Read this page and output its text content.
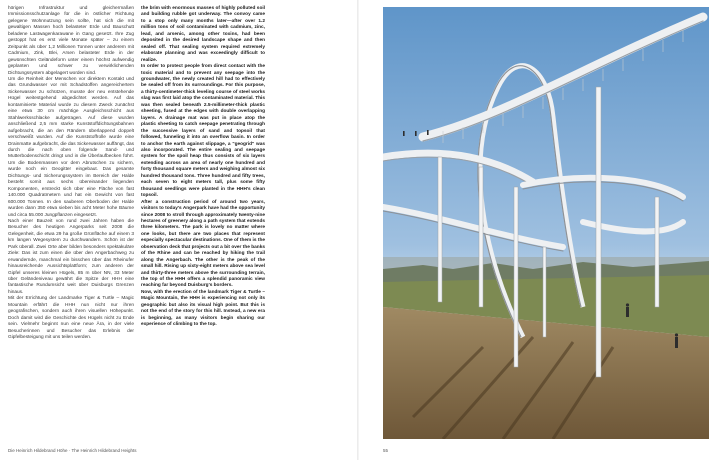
hörigen Infrastruktur und gleichermaßen Immissionsschutzanlage für die in östlicher Richtung gelegene Wohnnutzung sein sollte, hat sich die mit gewaltigen Massen hoch belasteter Erde und Bauschutt beladene Lastwagenkarawane in Gang gesetzt. Ihre Zug gestoppt hat es erst viele Monate später – zu einem Zeitpunkt als über 1,2 Millionen Tonnen unter anderem mit Cadmium, Zink, Blei, Arsen belasteter Erde in der gewünschten Geländeform unter einem höchst aufwendig geplanten und schwer zu verwirklichenden Dichtungssystem abgelagert worden sind.
Um die Reinheit der Menschen vor direktem Kontakt und das Grundwasser vor mit Schadstoffen angereichertem Sickerwasser zu schützen, musste der neu entstehende Hügel weitestgehend abgedichtet werden. Auf das kontaminierte Material wurde zu diesem Zweck zunächst eine etwa 30 cm mächtige Ausgleichsschicht aus Stahlwerksschlacke aufgetragen. Auf diese wurden anschließend 2,5 mm starke Kunststoffdichtungsbahnen aufgebracht, die an den Rändern überlappend doppelt verschweißt wurden. Auf die Kunststoffrolle wurde eine Drainmatte aufgebracht, die das Sickerwasser auffängt, das durch die nach oben folgende Sand- und Mutterbodenschicht dringt und in die Überlaufbecken führt. Um die Bodenmassen vor dem Abrutschen zu sichern, wurde noch ein Geogitter eingebaut. Das gesamte Dichtungs- und Sicherungssystem im Bereich der Halde besteht somit aus sechs übereinander liegenden Komponenten, erstreckt sich über eine Fläche von fast 140.000 Quadratmetern und hat ein Gewicht von fast 600.000 Tonnen. In den sauberen Oberboden der Halde wurden dann 350 etwa sieben bis acht Meter hohe Bäume und circa 55.000 Jungpflanzen eingesetzt.
Nach einer Bauzeit von rund zwei Jahren haben die Besucher des heutigen Angerparks seit 2008 die Gelegenheit, die etwa 29 ha große Grünfläche auf einem 3 km langen Wegesystem zu durchwandern. Schön ist der Park überall. Zwei Orte aber bilden besonders spektakuläre Ziele: Das ist zum einen die über den Angerbachweg zu erwandernde, manchmal ein bisschen über das Rheinufer hinausreichende Aussichtsplattform; zum anderen der Gipfel unseres kleinen Hügels, 85 m über NN, 33 Meter über Geländeniveau gewährt die Spitze der HHH eine fantastische Rundumsicht weit über Duisburgs Grenzen hinaus.
Mit der Errichtung der Landmarke Tiger & Turtle – Magic Mountain erfährt die HHH nun nicht nur ihren geografischen, sondern auch ihren visuellen Höhepunkt. Doch damit wird die Geschichte des Hügels nicht zu Ende sein. Vielmehr beginnt nun eine neue Ära, in der viele Besucherinnen und Besucher das Erlebnis der Gipfelbesteigung mit uns teilen werden.
the brim with enormous masses of highly polluted soil and building rubble got underway. The convoy came to a stop only many months later—after over 1.2 million tons of soil contaminated with cadmium, zinc, lead, and arsenic, among other toxins, had been deposited in the desired landscape shape and then sealed off. That sealing system required extremely elaborate planning and was exceedingly difficult to realize.
In order to protect people from direct contact with the toxic material and to prevent any seepage into the groundwater, the newly created hill had to effectively be sealed off from its surroundings. For this purpose, a thirty-centimeter-thick leveling course of steel works slag was first laid atop the contaminated material. This was then sealed beneath 2.5-millimeter-thick plastic sheeting, fused at the edges with double overlapping layers. A drainage mat was put in place atop the plastic sheeting to catch seepage penetrating through the successive layers of sand and topsoil that followed, funneling it into an overflow basin. In order to anchor the earth against slippage, a "geogrid" was also incorporated. The entire sealing and seepage system for the spoil heap thus consists of six layers extending across an area of nearly one hundred and forty thousand square meters and weighing almost six hundred thousand tons. Three hundred and fifty trees, each seven to eight meters tall, plus some fifty thousand seedlings were planted in the HHH's clean topsoil.
After a construction period of around two years, visitors to today's Angerpark have had the opportunity since 2008 to stroll through approximately twenty-nine hectares of greenery along a path system that extends three kilometers. The park is lovely no matter where one looks, but there are two places that represent especially spectacular destinations. One of them is the observation deck that projects out a bit over the banks of the Rhine and can be reached by hiking the trail along the Angerbach. The other is the peak of the small hill. Rising up sixty-eight meters above sea level and thirty-three meters above the surrounding terrain, the top of the HHH offers a splendid panoramic view reaching far beyond Duisburg's borders.
Now, with the erection of the landmark Tiger & Turtle – Magic Mountain, the HHH is experiencing not only its geographic but also its visual high point. But this is not the end of the story for this hill. Instead, a new era is beginning, as many visitors begin sharing our experience of climbing to the top.
Die Heinrich Hildebrand Höhe · The Heinrich Hildebrand Heights	55
